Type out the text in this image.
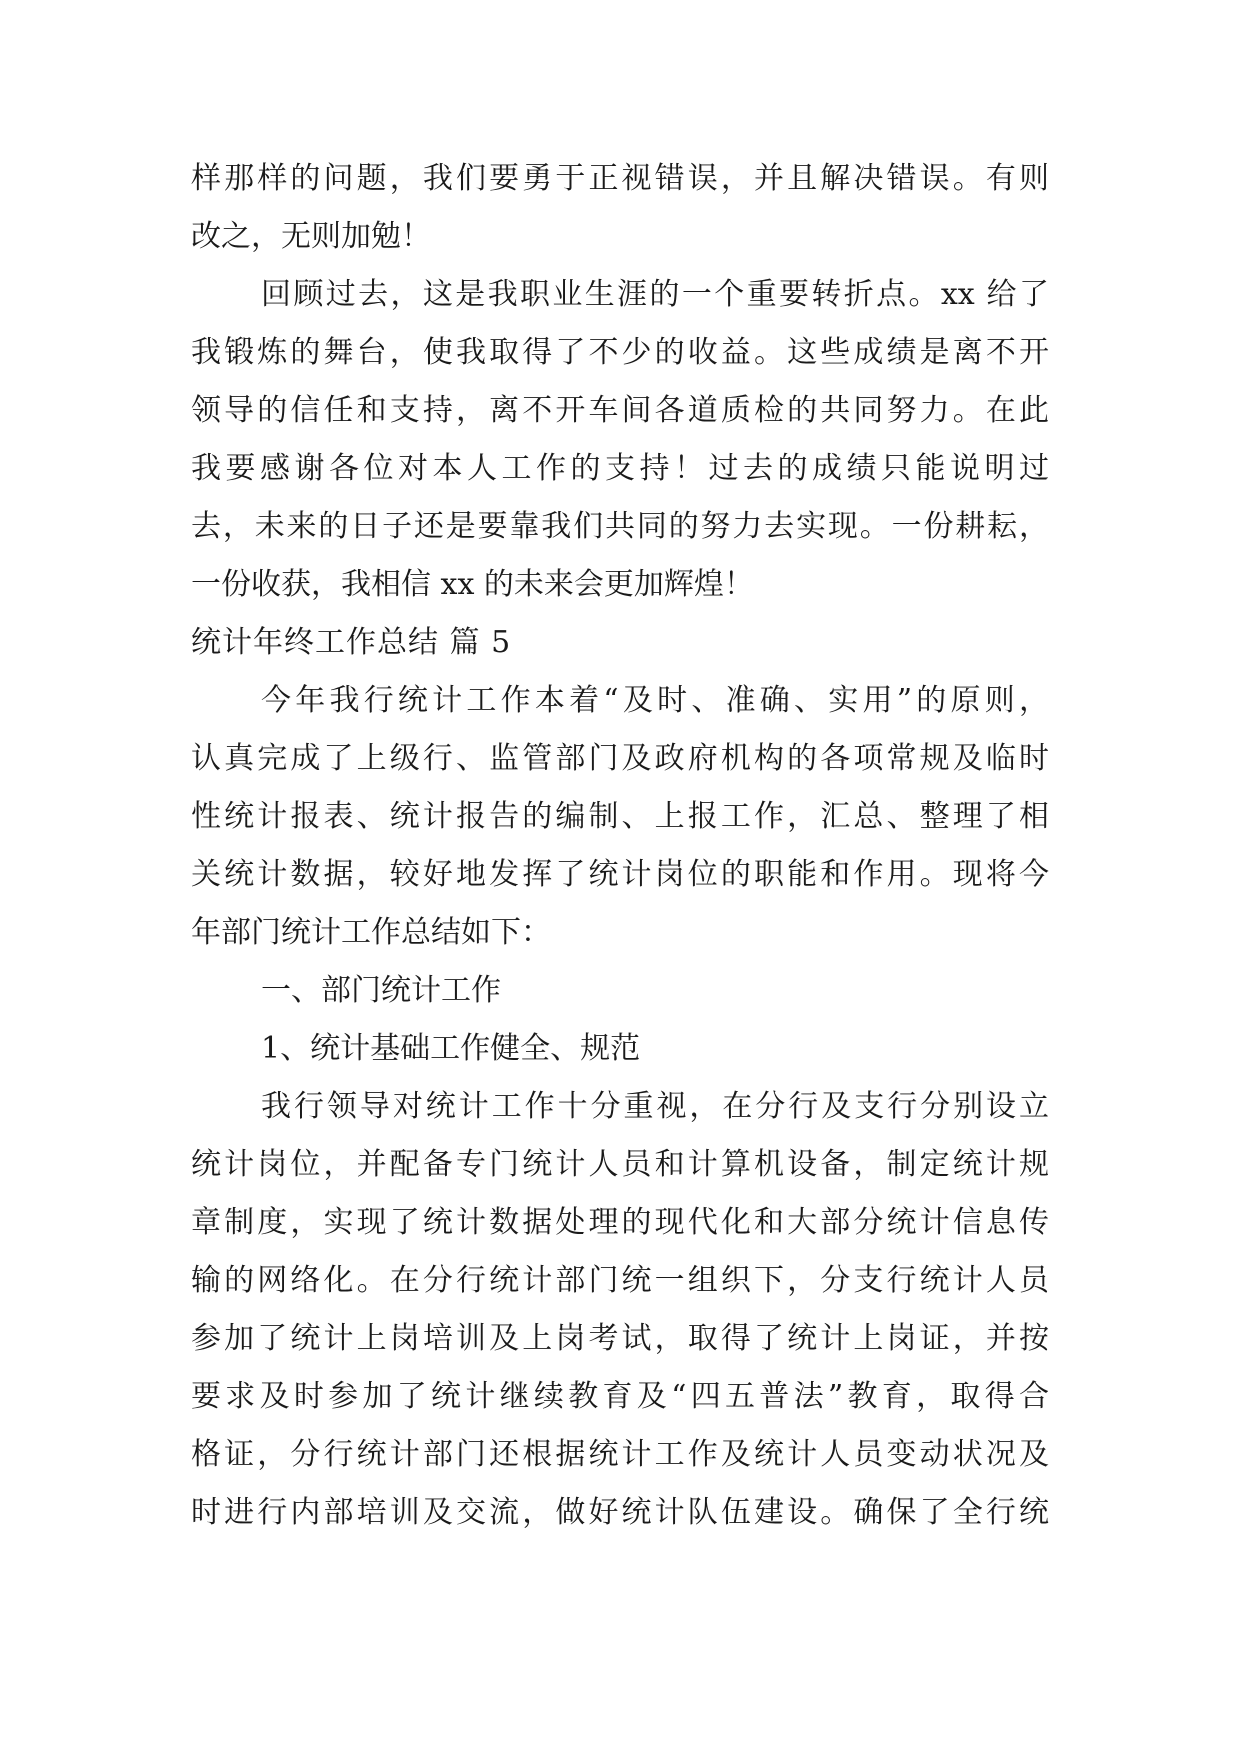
样那样的问题，我们要勇于正视错误，并且解决错误。有则
改之，无则加勉！
回顾过去，这是我职业生涯的一个重要转折点。xx 给了
我锻炼的舞台，使我取得了不少的收益。这些成绩是离不开
领导的信任和支持，离不开车间各道质检的共同努力。在此
我要感谢各位对本人工作的支持！过去的成绩只能说明过
去，未来的日子还是要靠我们共同的努力去实现。一份耕耘，
一份收获，我相信 xx 的未来会更加辉煌！
统计年终工作总结 篇 5
今年我行统计工作本着“及时、准确、实用”的原则，
认真完成了上级行、监管部门及政府机构的各项常规及临时
性统计报表、统计报告的编制、上报工作，汇总、整理了相
关统计数据，较好地发挥了统计岗位的职能和作用。现将今
年部门统计工作总结如下：
一、部门统计工作
1、统计基础工作健全、规范
我行领导对统计工作十分重视，在分行及支行分别设立
统计岗位，并配备专门统计人员和计算机设备，制定统计规
章制度，实现了统计数据处理的现代化和大部分统计信息传
输的网络化。在分行统计部门统一组织下，分支行统计人员
参加了统计上岗培训及上岗考试，取得了统计上岗证，并按
要求及时参加了统计继续教育及“四五普法”教育，取得合
格证，分行统计部门还根据统计工作及统计人员变动状况及
时进行内部培训及交流，做好统计队伍建设。确保了全行统
